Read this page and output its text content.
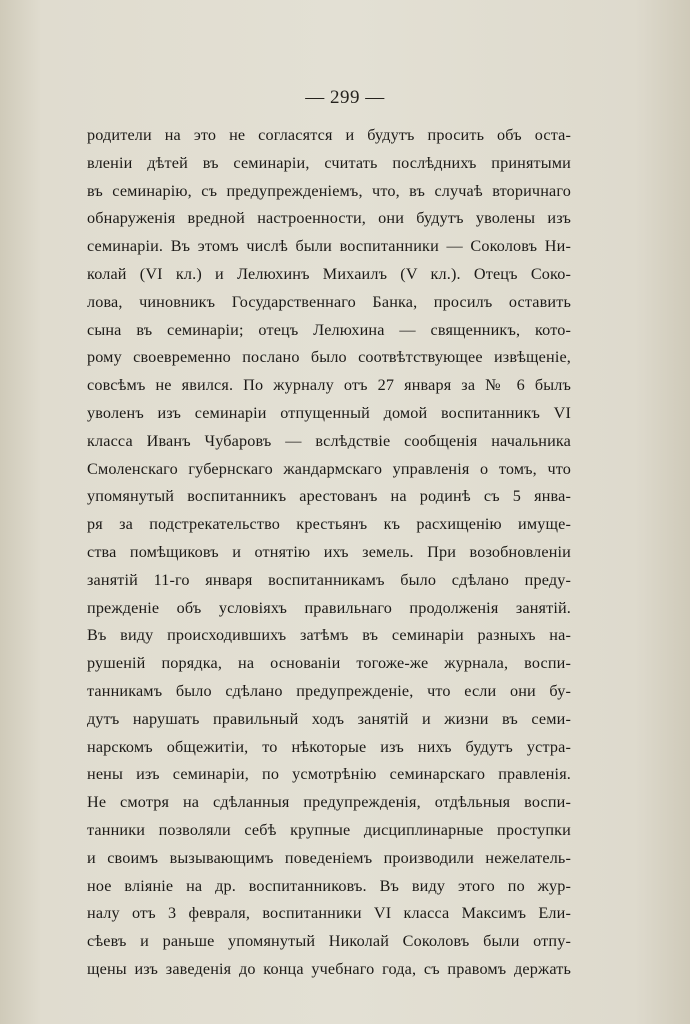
— 299 —
родители на это не согласятся и будутъ просить объ оста-
вленіи дѣтей въ семинаріи, считать послѣднихъ принятыми
въ семинарію, съ предупрежденіемъ, что, въ случаѣ вторичнаго
обнаруженія вредной настроенности, они будутъ уволены изъ
семинаріи. Въ этомъ числѣ были воспитанники — Соколовъ Ни-
колай (VI кл.) и Лелюхинъ Михаилъ (V кл.). Отецъ Соко-
лова, чиновникъ Государственнаго Банка, просилъ оставить
сына въ семинаріи; отецъ Лелюхина — священникъ, кото-
рому своевременно послано было соотвѣтствующее извѣщеніе,
совсѣмъ не явился. По журналу отъ 27 января за № 6 былъ
уволенъ изъ семинаріи отпущенный домой воспитанникъ VI
класса Иванъ Чубаровъ — вслѣдствіе сообщенія начальника
Смоленскаго губернскаго жандармскаго управленія о томъ, что
упомянутый воспитанникъ арестованъ на родинѣ съ 5 янва-
ря за подстрекательство крестьянъ къ расхищенію имуще-
ства помѣщиковъ и отнятію ихъ земель. При возобновленіи
занятій 11-го января воспитанникамъ было сдѣлано преду-
прежденіе объ условіяхъ правильнаго продолженія занятій.
Въ виду происходившихъ затѣмъ въ семинаріи разныхъ на-
рушеній порядка, на основаніи тогоже-же журнала, воспи-
танникамъ было сдѣлано предупрежденіе, что если они бу-
дутъ нарушать правильный ходъ занятій и жизни въ семи-
нарскомъ общежитіи, то нѣкоторые изъ нихъ будутъ устра-
нены изъ семинаріи, по усмотрѣнію семинарскаго правленія.
Не смотря на сдѣланныя предупрежденія, отдѣльныя воспи-
танники позволяли себѣ крупные дисциплинарные проступки
и своимъ вызывающимъ поведеніемъ производили нежелатель-
ное вліяніе на др. воспитанниковъ. Въ виду этого по жур-
налу отъ 3 февраля, воспитанники VI класса Максимъ Ели-
сѣевъ и раньше упомянутый Николай Соколовъ были отпу-
щены изъ заведенія до конца учебнаго года, съ правомъ держать
